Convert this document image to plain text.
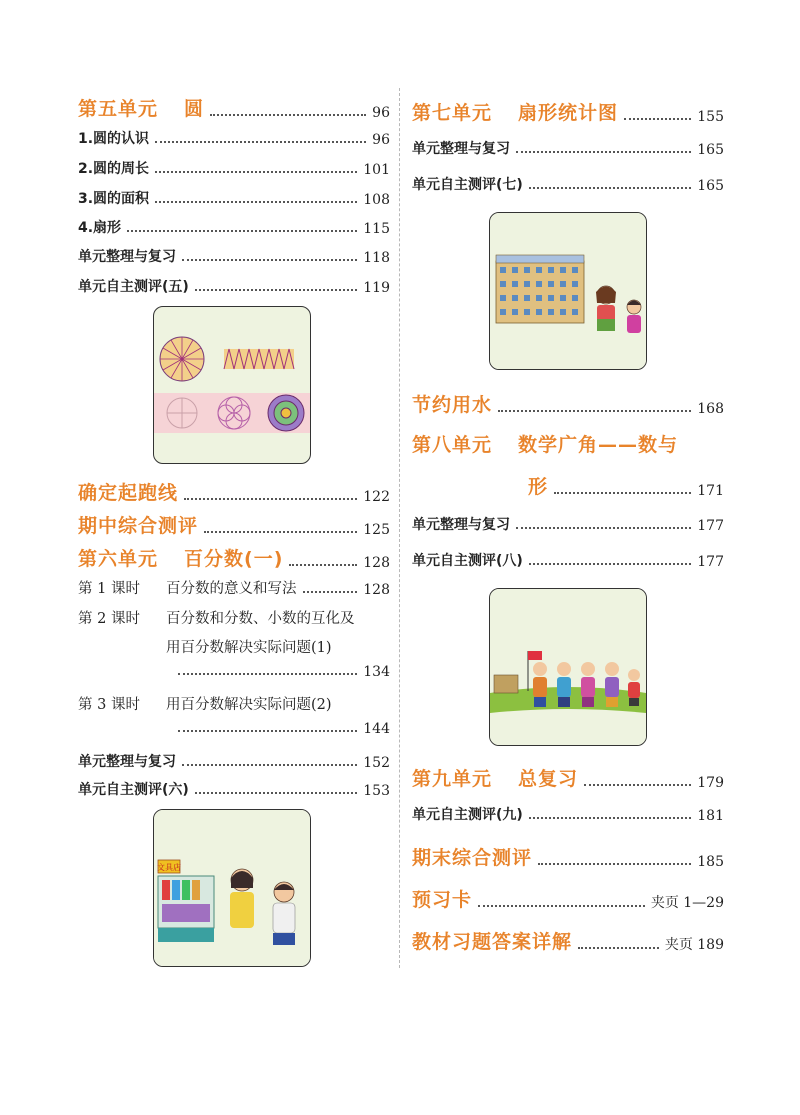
第五单元 圆	96
1.圆的认识	96
2.圆的周长	101
3.圆的面积	108
4.扇形	115
单元整理与复习	118
单元自主测评(五)	119
确定起跑线	122
期中综合测评	125
第六单元 百分数(一)	128
第 1 课时 百分数的意义和写法	128
第 2 课时 百分数和分数、小数的互化及
用百分数解决实际问题(1)
134
第 3 课时 用百分数解决实际问题(2)
144
单元整理与复习	152
单元自主测评(六)	153
文具店
第七单元 扇形统计图	155
单元整理与复习	165
单元自主测评(七)	165
节约用水	168
第八单元 数学广角——数与
形	171
单元整理与复习	177
单元自主测评(八)	177
第九单元 总复习	179
单元自主测评(九)	181
期末综合测评	185
预习卡	夹页 1—29
教材习题答案详解	夹页 189
